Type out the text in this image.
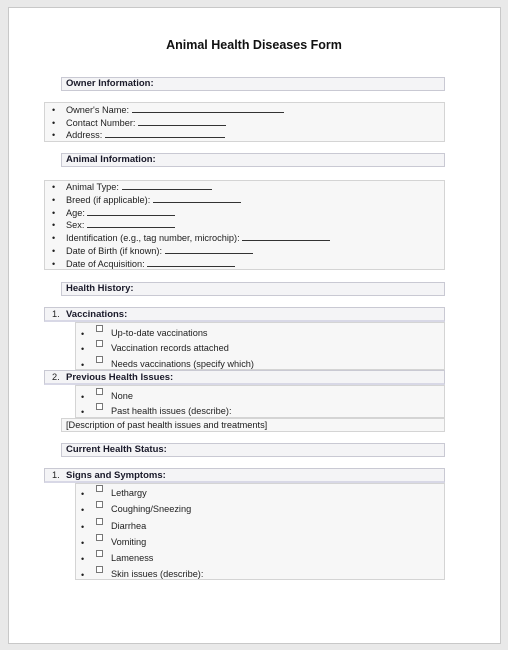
Animal Health Diseases Form
Owner Information:
• Owner's Name:
• Contact Number:
• Address:
Animal Information:
• Animal Type:
• Breed (if applicable):
• Age:
• Sex:
• Identification (e.g., tag number, microchip):
• Date of Birth (if known):
• Date of Acquisition:
Health History:
1. Vaccinations:
•	Up-to-date vaccinations
•	Vaccination records attached
•	Needs vaccinations (specify which)
2. Previous Health Issues:
•	None
•	Past health issues (describe):
[Description of past health issues and treatments]
Current Health Status:
1. Signs and Symptoms:
•	Lethargy
•	Coughing/Sneezing
•	Diarrhea
•	Vomiting
•	Lameness
•	Skin issues (describe):
